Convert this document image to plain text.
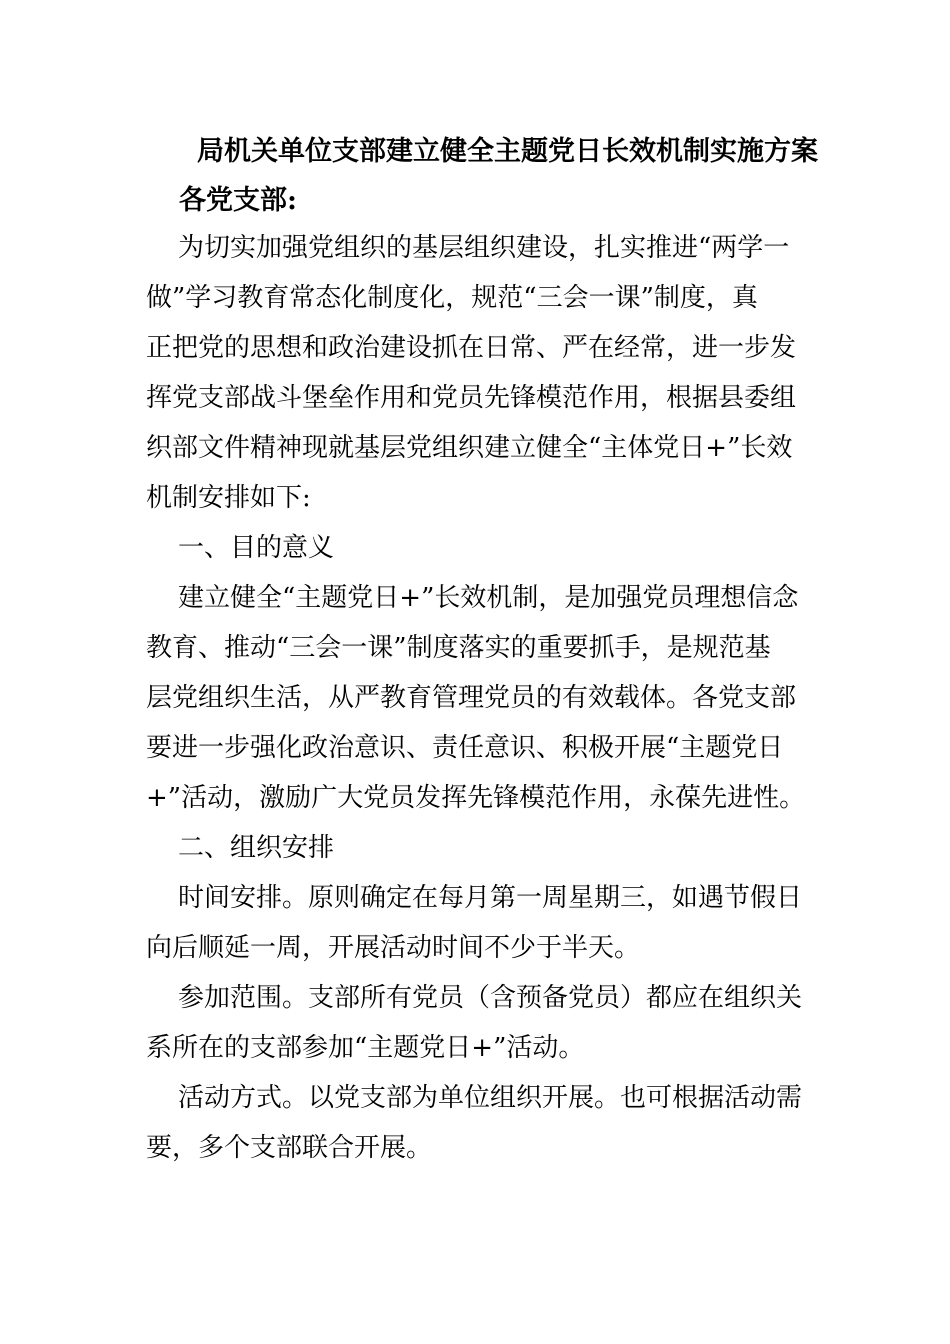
局机关单位支部建立健全主题党日长效机制实施方案
各党支部:
为切实加强党组织的基层组织建设，扎实推进“两学一
做”学习教育常态化制度化，规范“三会一课”制度，真
正把党的思想和政治建设抓在日常、严在经常，进一步发
挥党支部战斗堡垒作用和党员先锋模范作用，根据县委组
织部文件精神现就基层党组织建立健全“主体党日+”长效
机制安排如下:
一、目的意义
建立健全“主题党日+”长效机制，是加强党员理想信念
教育、推动“三会一课”制度落实的重要抓手，是规范基
层党组织生活，从严教育管理党员的有效载体。各党支部
要进一步强化政治意识、责任意识、积极开展“主题党日
+”活动，激励广大党员发挥先锋模范作用，永葆先进性。
二、组织安排
时间安排。原则确定在每月第一周星期三，如遇节假日
向后顺延一周，开展活动时间不少于半天。
参加范围。支部所有党员（含预备党员）都应在组织关
系所在的支部参加“主题党日+”活动。
活动方式。以党支部为单位组织开展。也可根据活动需
要，多个支部联合开展。
